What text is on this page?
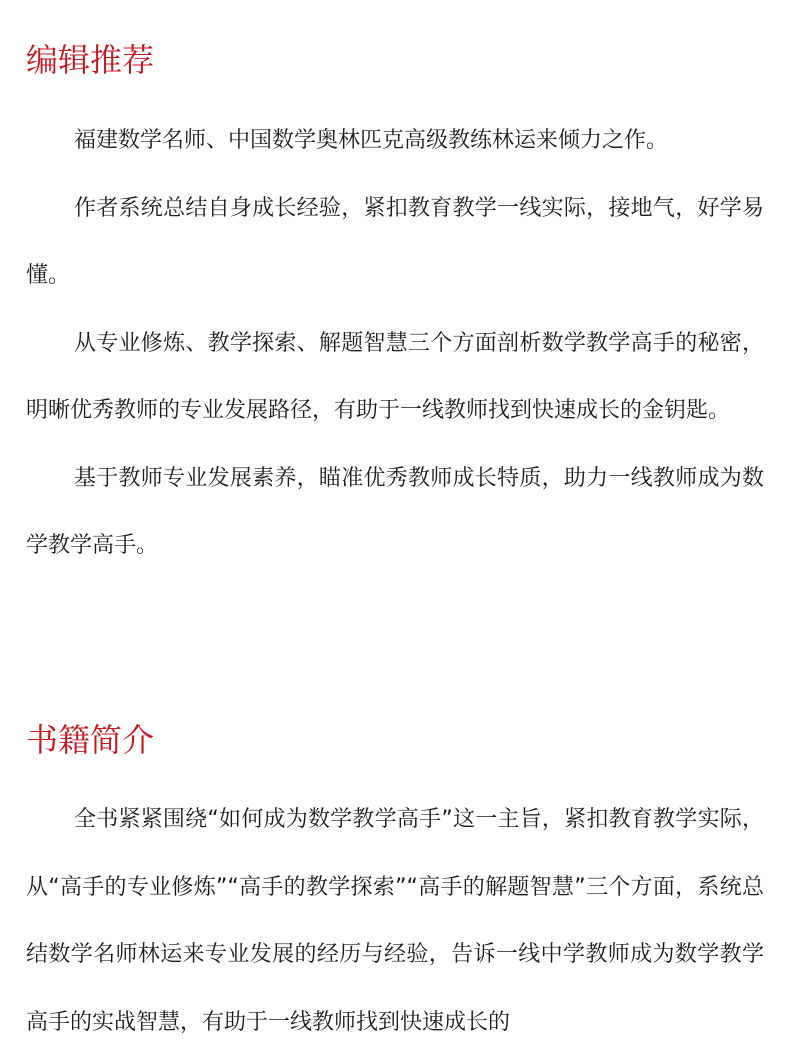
编辑推荐

福建数学名师、中国数学奥林匹克高级教练林运来倾力之作。

作者系统总结自身成长经验，紧扣教育教学一线实际，接地气，好学易懂。

从专业修炼、教学探索、解题智慧三个方面剖析数学教学高手的秘密，明晰优秀教师的专业发展路径，有助于一线教师找到快速成长的金钥匙。

基于教师专业发展素养，瞄准优秀教师成长特质，助力一线教师成为数学教学高手。

书籍简介

全书紧紧围绕“如何成为数学教学高手”这一主旨，紧扣教育教学实际，从“高手的专业修炼”“高手的教学探索”“高手的解题智慧”三个方面，系统总结数学名师林运来专业发展的经历与经验，告诉一线中学教师成为数学教学高手的实战智慧，有助于一线教师找到快速成长的
